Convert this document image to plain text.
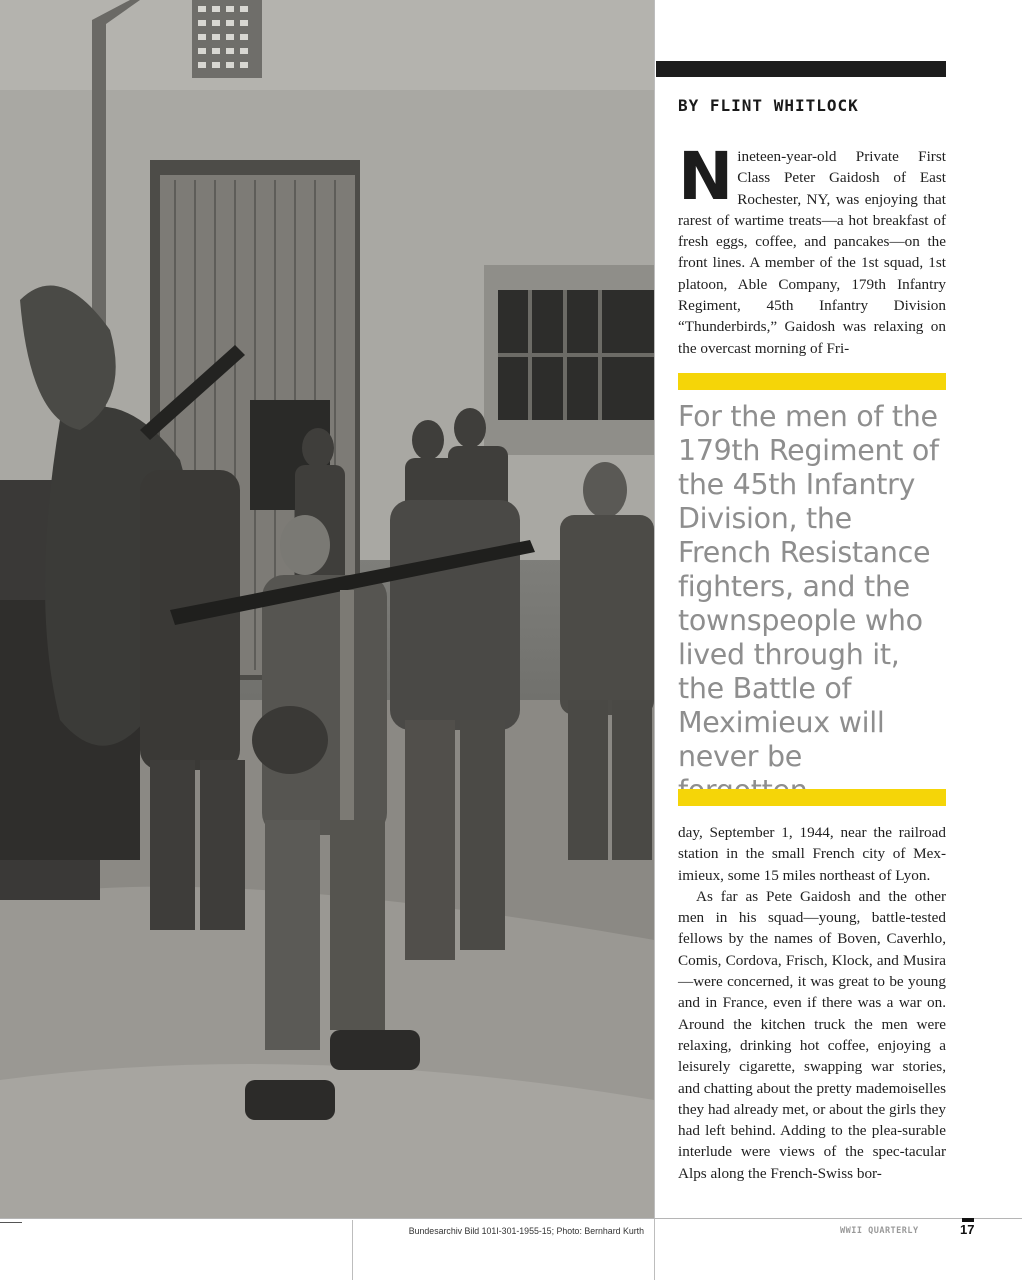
BY FLINT WHITLOCK

Nineteen-year-old Private First Class Peter Gaidosh of East Rochester, NY, was enjoying that rarest of wartime treats—a hot breakfast of fresh eggs, coffee, and pancakes—on the front lines. A member of the 1st squad, 1st platoon, Able Company, 179th Infantry Regiment, 45th Infantry Division “Thunderbirds,” Gaidosh was relaxing on the overcast morning of Fri-

For the men of the 179th Regiment of the 45th Infantry Division, the French Resistance fighters, and the townspeople who lived through it, the Battle of Meximieux will never be

day, September 1, 1944, near the railroad station in the small French city of Mex-imieux, some 15 miles northeast of Lyon.

As far as Pete Gaidosh and the other men in his squad—young, battle-tested fellows by the names of Boven, Caverhlo, Comis, Cordova, Frisch, Klock, and Musira—were concerned, it was great to be young and in France, even if there was a war on. Around the kitchen truck the men were relaxing, drinking hot coffee, enjoying a leisurely cigarette, swapping war stories, and chatting about the pretty mademoiselles they had already met, or about the girls they had left behind. Adding to the plea-surable interlude were views of the spec-tacular Alps along the French-Swiss bor-

Bundesarchiv Bild 101I-301-1955-15; Photo: Bernhard Kurth	WWII QUARTERLY	17
